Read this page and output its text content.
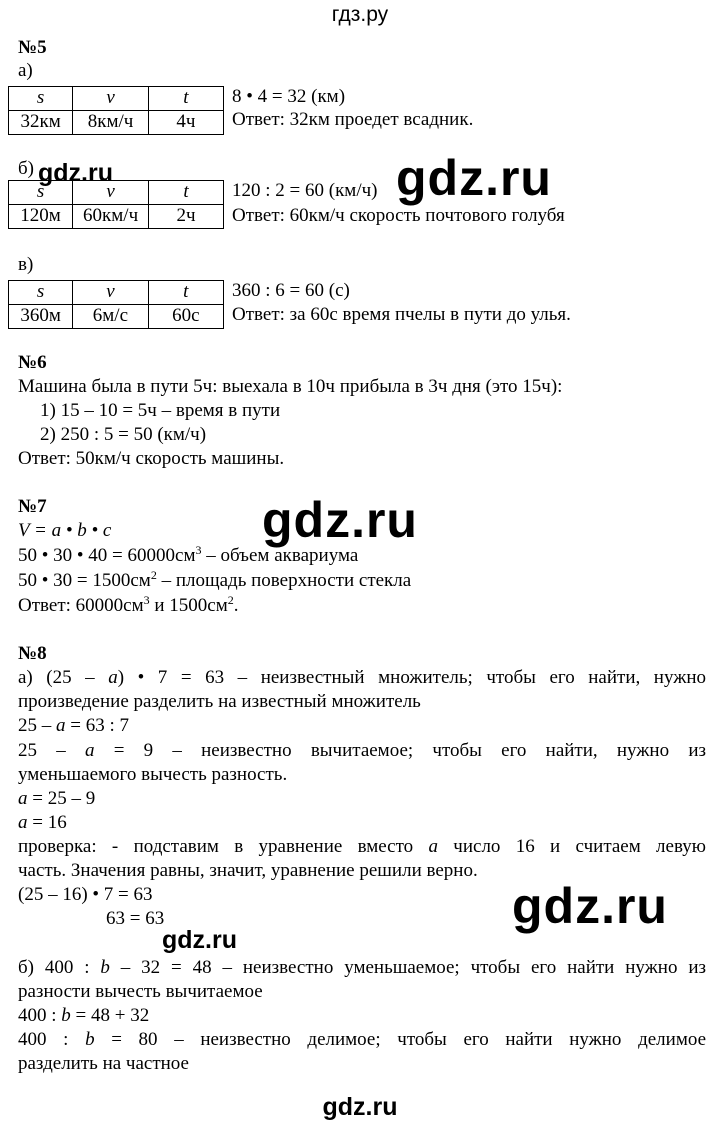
гдз.ру
№5
а)
s	v	t
32км	8км/ч	4ч
8 • 4 = 32 (км)
Ответ: 32км проедет всадник.
б)
s	v	t
120м	60км/ч	2ч
120 : 2 = 60 (км/ч)
Ответ: 60км/ч скорость почтового голубя
в)
s	v	t
360м	6м/с	60с
360 : 6 = 60 (с)
Ответ: за 60с время пчелы в пути до улья.
№6
Машина была в пути 5ч: выехала в 10ч прибыла в 3ч дня (это 15ч):
1) 15 – 10 = 5ч – время в пути
2) 250 : 5 = 50 (км/ч)
Ответ: 50км/ч скорость машины.
№7
V = a • b • c
50 • 30 • $40 = 60000см^3$ – объем аквариума
50 • $30 = 1500см^2$ – площадь поверхности стекла
Ответ: $60000см^3$ и $1500см^2$.
№8
а) (25 – a) • 7 = 63 – неизвестный множитель; чтобы его найти, нужно
произведение разделить на известный множитель
25 – a = 63 : 7
25 – a = 9 – неизвестно вычитаемое; чтобы его найти, нужно из
уменьшаемого вычесть разность.
a = 25 – 9
a = 16
проверка: - подставим в уравнение вместо a число 16 и считаем левую
часть. Значения равны, значит, уравнение решили верно.
(25 – 16) • 7 = 63
63 = 63
б) 400 : b – 32 = 48 – неизвестно уменьшаемое; чтобы его найти нужно из
разности вычесть вычитаемое
400 : b = 48 + 32
400 : b = 80 – неизвестно делимое; чтобы его найти нужно делимое
разделить на частное
gdz.ru	gdz.ru
gdz.ru
gdz.ru
gdz.ru
gdz.ru
